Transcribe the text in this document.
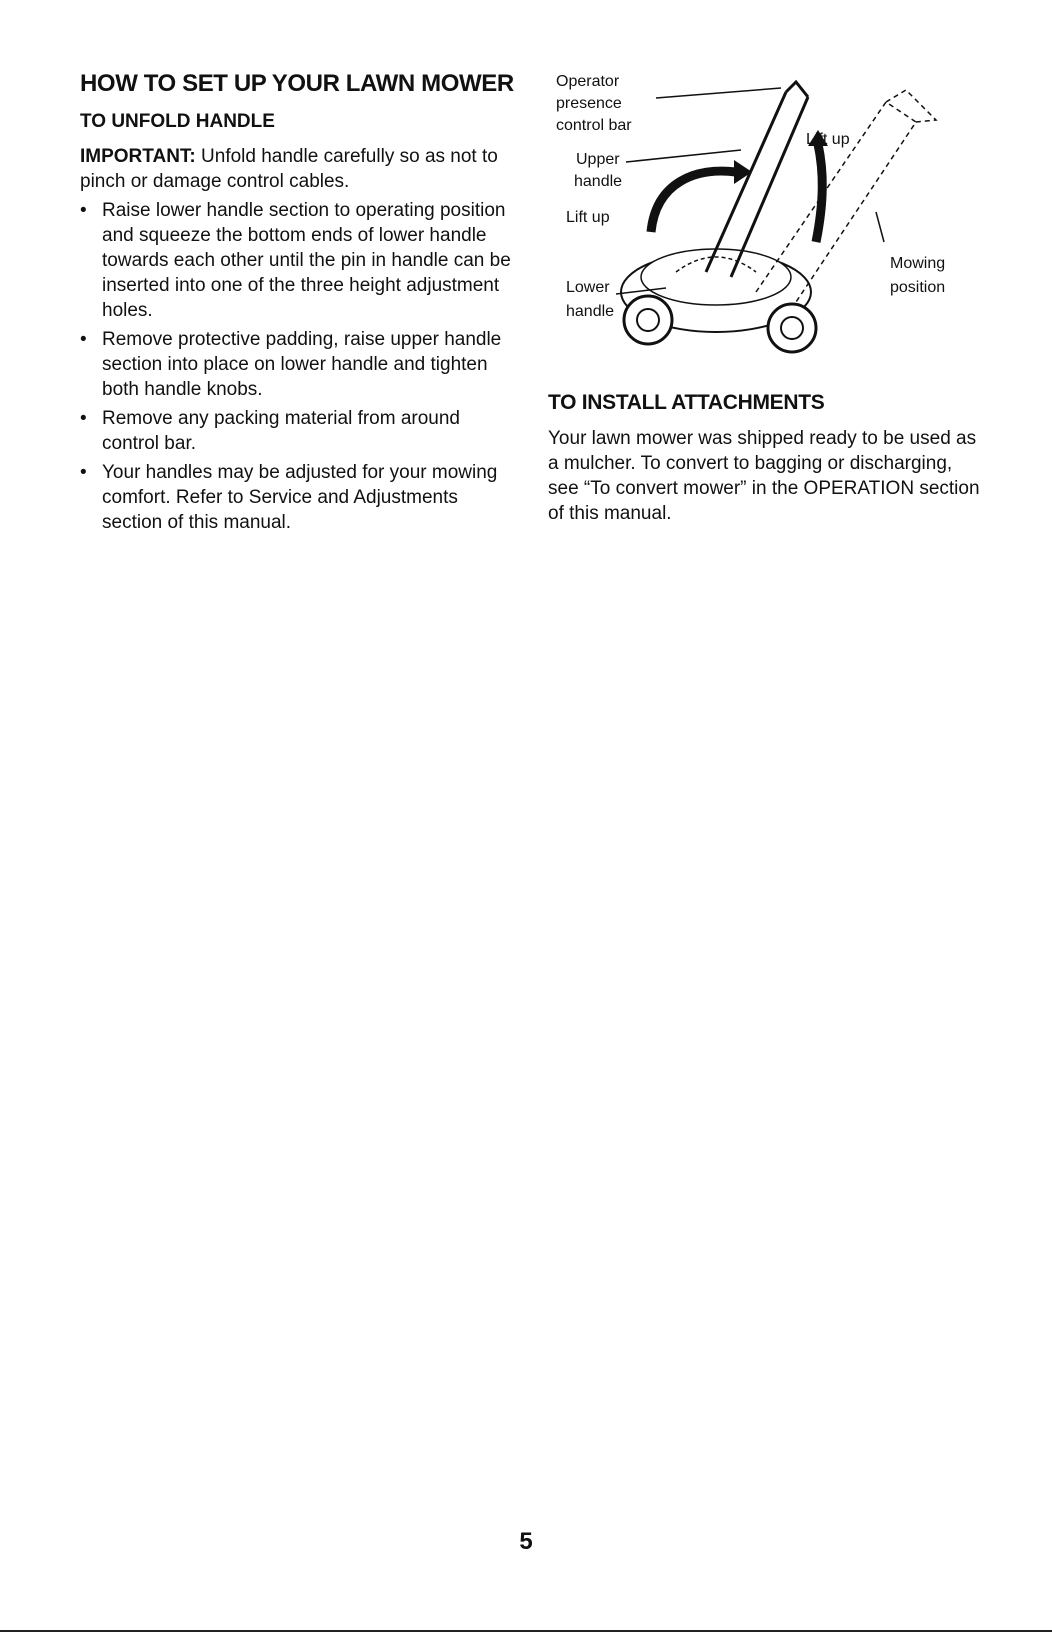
HOW TO SET UP YOUR LAWN MOWER
TO UNFOLD HANDLE

IMPORTANT: Unfold handle carefully so as not to pinch or damage control cables.

• Raise lower handle section to operating position and squeeze the bottom ends of lower handle towards each other until the pin in handle can be inserted into one of the three height adjustment holes.
• Remove protective padding, raise upper handle section into place on lower handle and tighten both handle knobs.
• Remove any packing material from around control bar.
• Your handles may be adjusted for your mowing comfort. Refer to Service and Adjustments section of this manual.
Operator
presence
control bar
Upper
handle
Lift up
Lower
handle
Lift up
Mowing
position
TO INSTALL ATTACHMENTS

Your lawn mower was shipped ready to be used as a mulcher. To convert to bagging or discharging, see “To convert mower” in the OPERATION section of this manual.

5
